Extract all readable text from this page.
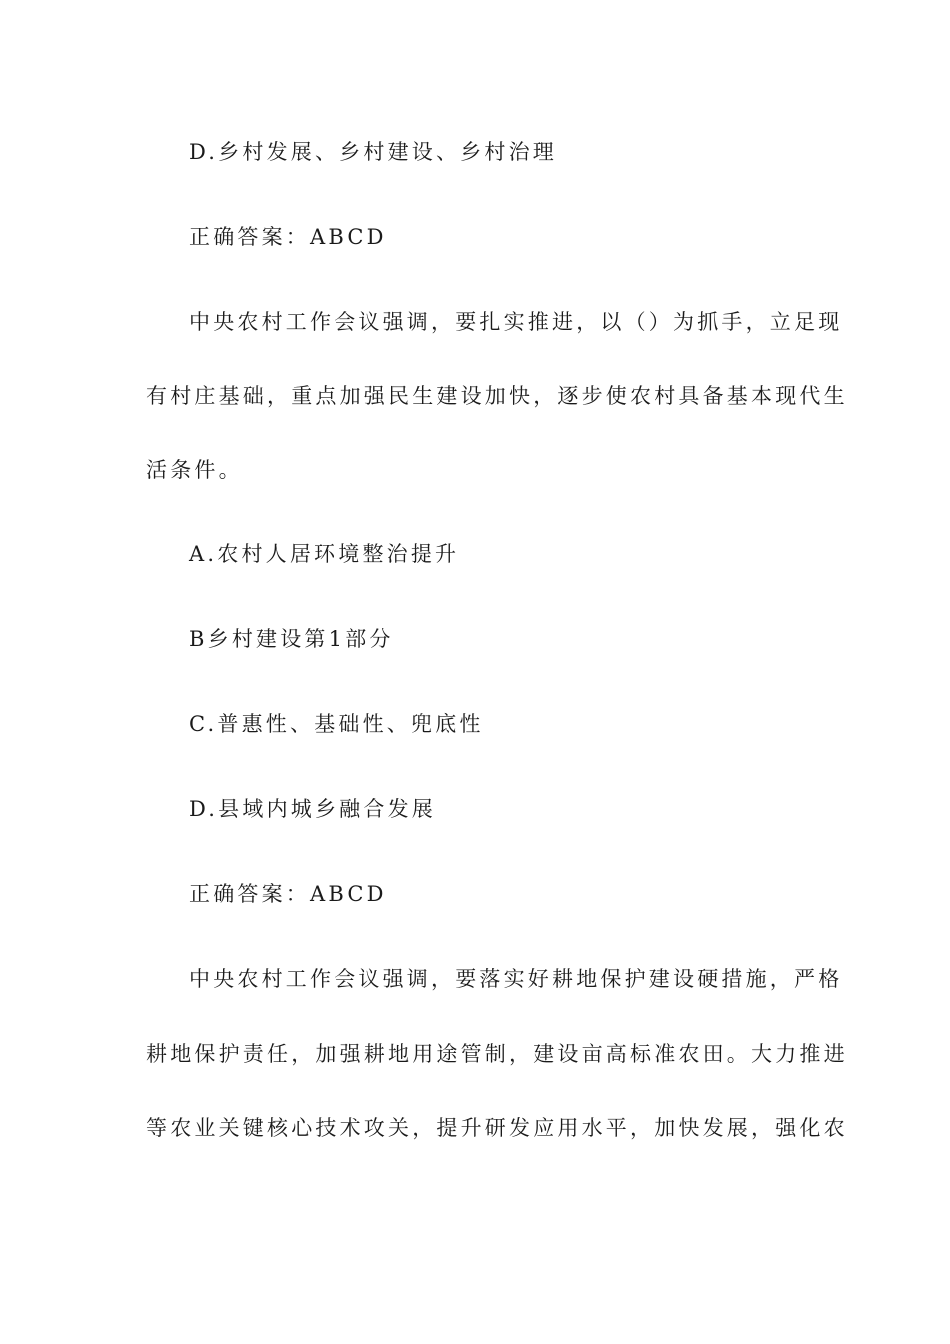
D.乡村发展、乡村建设、乡村治理

正确答案：ABCD

中央农村工作会议强调，要扎实推进，以（）为抓手，立足现

有村庄基础，重点加强民生建设加快，逐步使农村具备基本现代生

活条件。

A.农村人居环境整治提升

B乡村建设第1部分

C.普惠性、基础性、兜底性

D.县域内城乡融合发展

正确答案：ABCD

中央农村工作会议强调，要落实好耕地保护建设硬措施，严格

耕地保护责任，加强耕地用途管制，建设亩高标准农田。大力推进

等农业关键核心技术攻关，提升研发应用水平，加快发展，强化农
